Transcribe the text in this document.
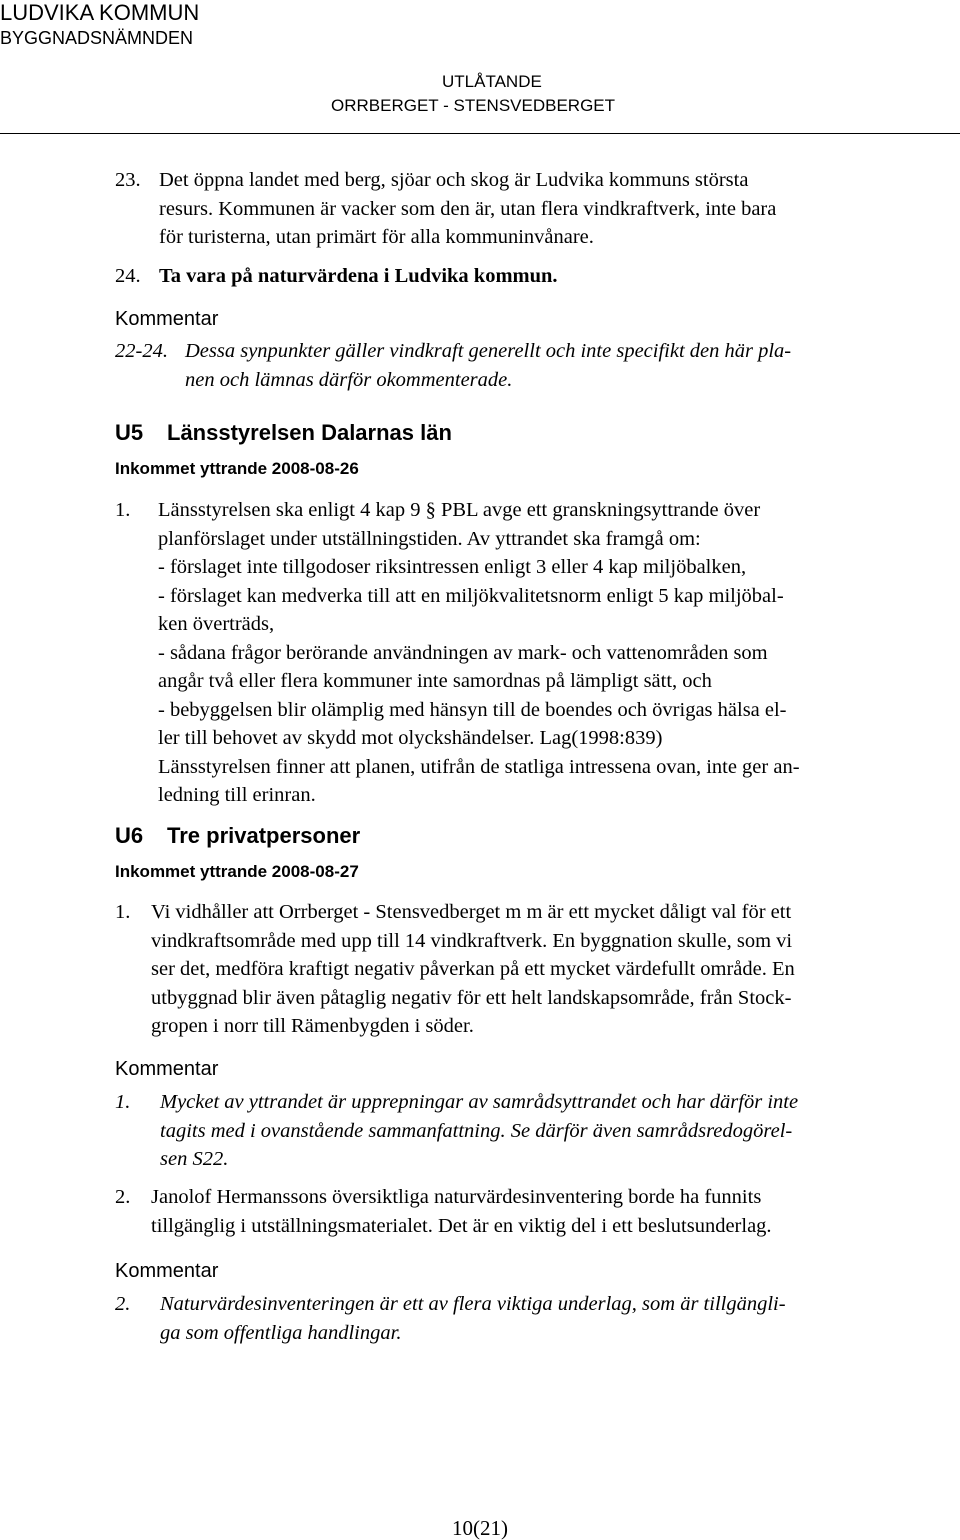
LUDVIKA KOMMUN
BYGGNADSNÄMNDEN
UTLÅTANDE
ORRBERGET - STENSVEDBERGET
23. Det öppna landet med berg, sjöar och skog är Ludvika kommuns största
resurs. Kommunen är vacker som den är, utan flera vindkraftverk, inte bara
för turisterna, utan primärt för alla kommuninvånare.
24. Ta vara på naturvärdena i Ludvika kommun.
Kommentar
22-24. Dessa synpunkter gäller vindkraft generellt och inte specifikt den här pla-
nen och lämnas därför okommenterade.
U5 Länsstyrelsen Dalarnas län
Inkommet yttrande 2008-08-26
1. Länsstyrelsen ska enligt 4 kap 9 § PBL avge ett granskningsyttrande över
planförslaget under utställningstiden. Av yttrandet ska framgå om:
- förslaget inte tillgodoser riksintressen enligt 3 eller 4 kap miljöbalken,
- förslaget kan medverka till att en miljökvalitetsnorm enligt 5 kap miljöbal-
ken överträds,
- sådana frågor berörande användningen av mark- och vattenområden som
angår två eller flera kommuner inte samordnas på lämpligt sätt, och
- bebyggelsen blir olämplig med hänsyn till de boendes och övrigas hälsa el-
ler till behovet av skydd mot olyckshändelser. Lag(1998:839)
Länsstyrelsen finner att planen, utifrån de statliga intressena ovan, inte ger an-
ledning till erinran.
U6 Tre privatpersoner
Inkommet yttrande 2008-08-27
1. Vi vidhåller att Orrberget - Stensvedberget m m är ett mycket dåligt val för ett
vindkraftsområde med upp till 14 vindkraftverk. En byggnation skulle, som vi
ser det, medföra kraftigt negativ påverkan på ett mycket värdefullt område. En
utbyggnad blir även påtaglig negativ för ett helt landskapsområde, från Stock-
gropen i norr till Rämenbygden i söder.
Kommentar
1. Mycket av yttrandet är upprepningar av samrådsyttrandet och har därför inte
tagits med i ovanstående sammanfattning. Se därför även samrådsredogörel-
sen S22.
2. Janolof Hermanssons översiktliga naturvärdesinventering borde ha funnits
tillgänglig i utställningsmaterialet. Det är en viktig del i ett beslutsunderlag.
Kommentar
2. Naturvärdesinventeringen är ett av flera viktiga underlag, som är tillgängli-
ga som offentliga handlingar.
10(21)
